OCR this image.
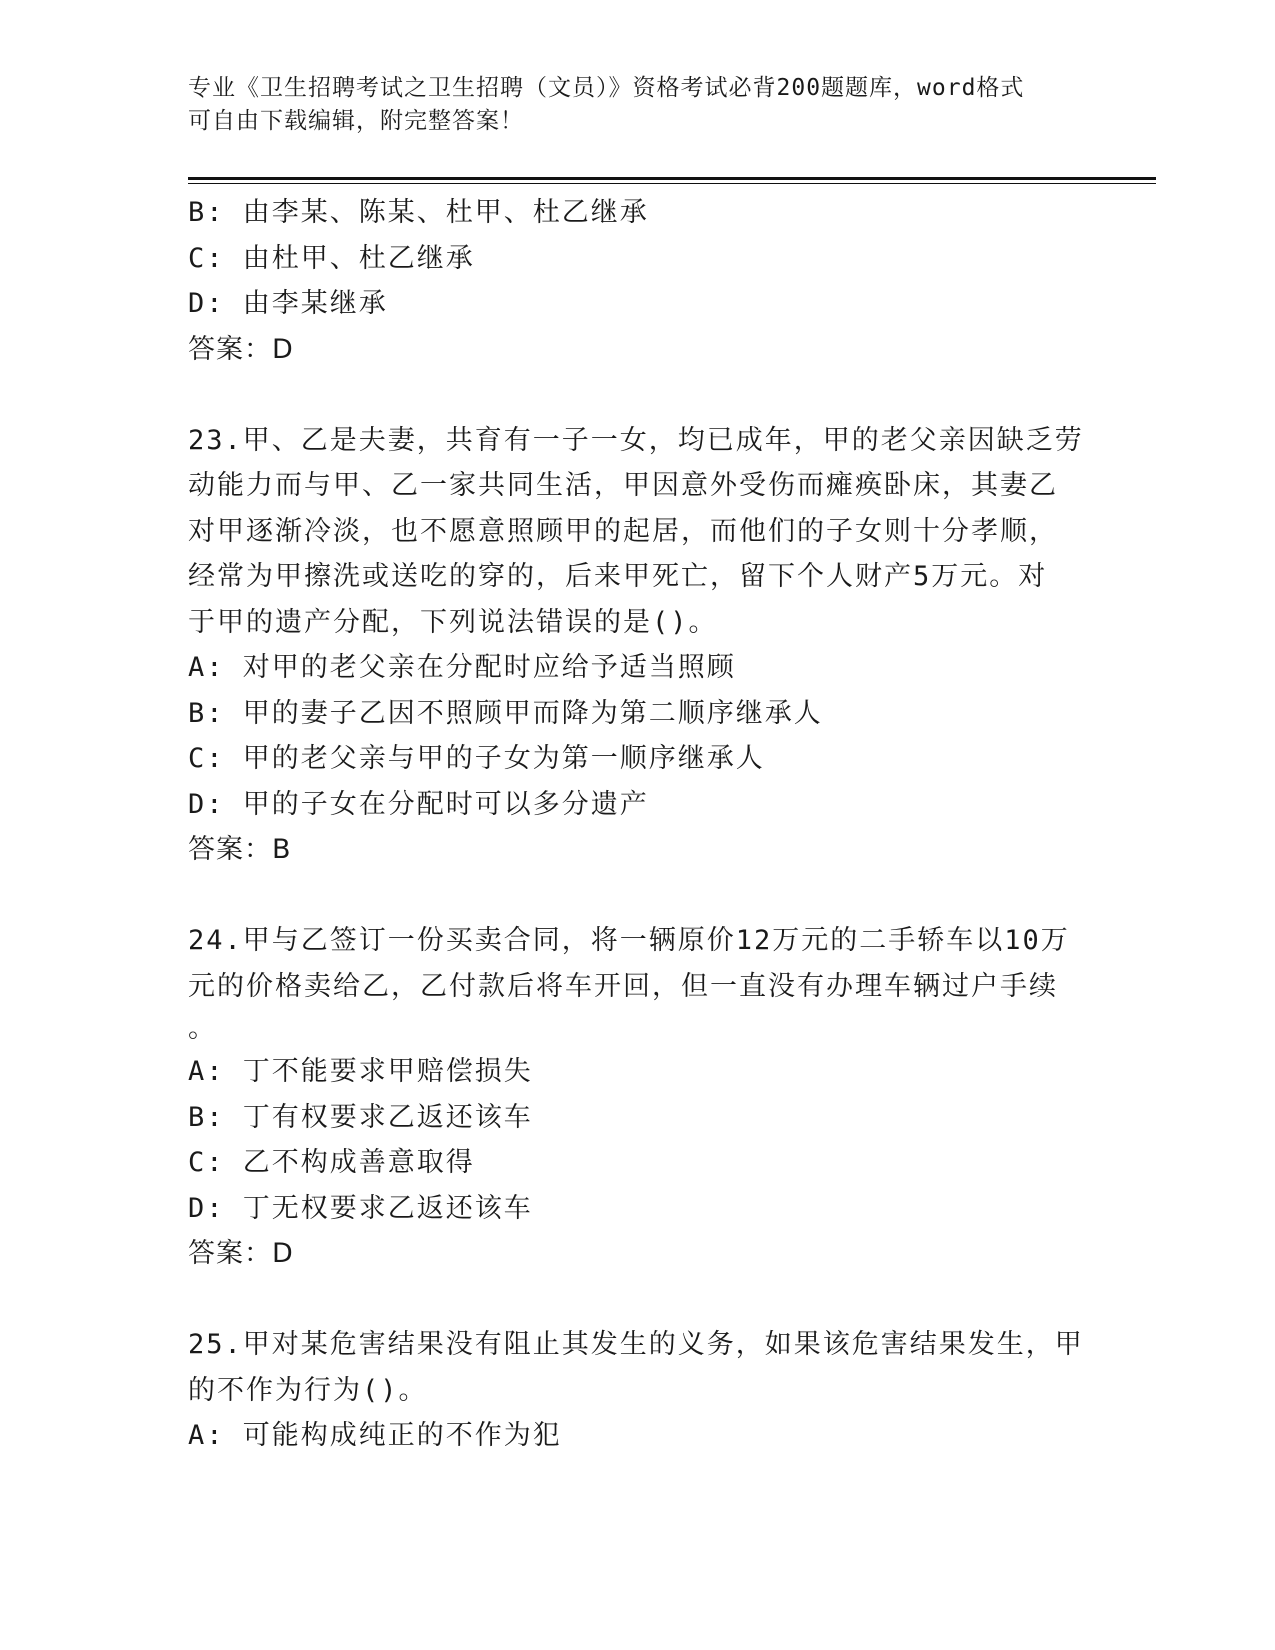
专业《卫生招聘考试之卫生招聘（文员）》资格考试必背200题题库，word格式
可自由下载编辑，附完整答案！
B: 由李某、陈某、杜甲、杜乙继承
C: 由杜甲、杜乙继承
D: 由李某继承
答案：D
23.甲、乙是夫妻，共育有一子一女，均已成年，甲的老父亲因缺乏劳
动能力而与甲、乙一家共同生活，甲因意外受伤而瘫痪卧床，其妻乙
对甲逐渐冷淡，也不愿意照顾甲的起居，而他们的子女则十分孝顺，
经常为甲擦洗或送吃的穿的，后来甲死亡，留下个人财产5万元。对
于甲的遗产分配，下列说法错误的是()。
A: 对甲的老父亲在分配时应给予适当照顾
B: 甲的妻子乙因不照顾甲而降为第二顺序继承人
C: 甲的老父亲与甲的子女为第一顺序继承人
D: 甲的子女在分配时可以多分遗产
答案：B
24.甲与乙签订一份买卖合同，将一辆原价12万元的二手轿车以10万
元的价格卖给乙，乙付款后将车开回，但一直没有办理车辆过户手续
。
A: 丁不能要求甲赔偿损失
B: 丁有权要求乙返还该车
C: 乙不构成善意取得
D: 丁无权要求乙返还该车
答案：D
25.甲对某危害结果没有阻止其发生的义务，如果该危害结果发生，甲
的不作为行为()。
A: 可能构成纯正的不作为犯
